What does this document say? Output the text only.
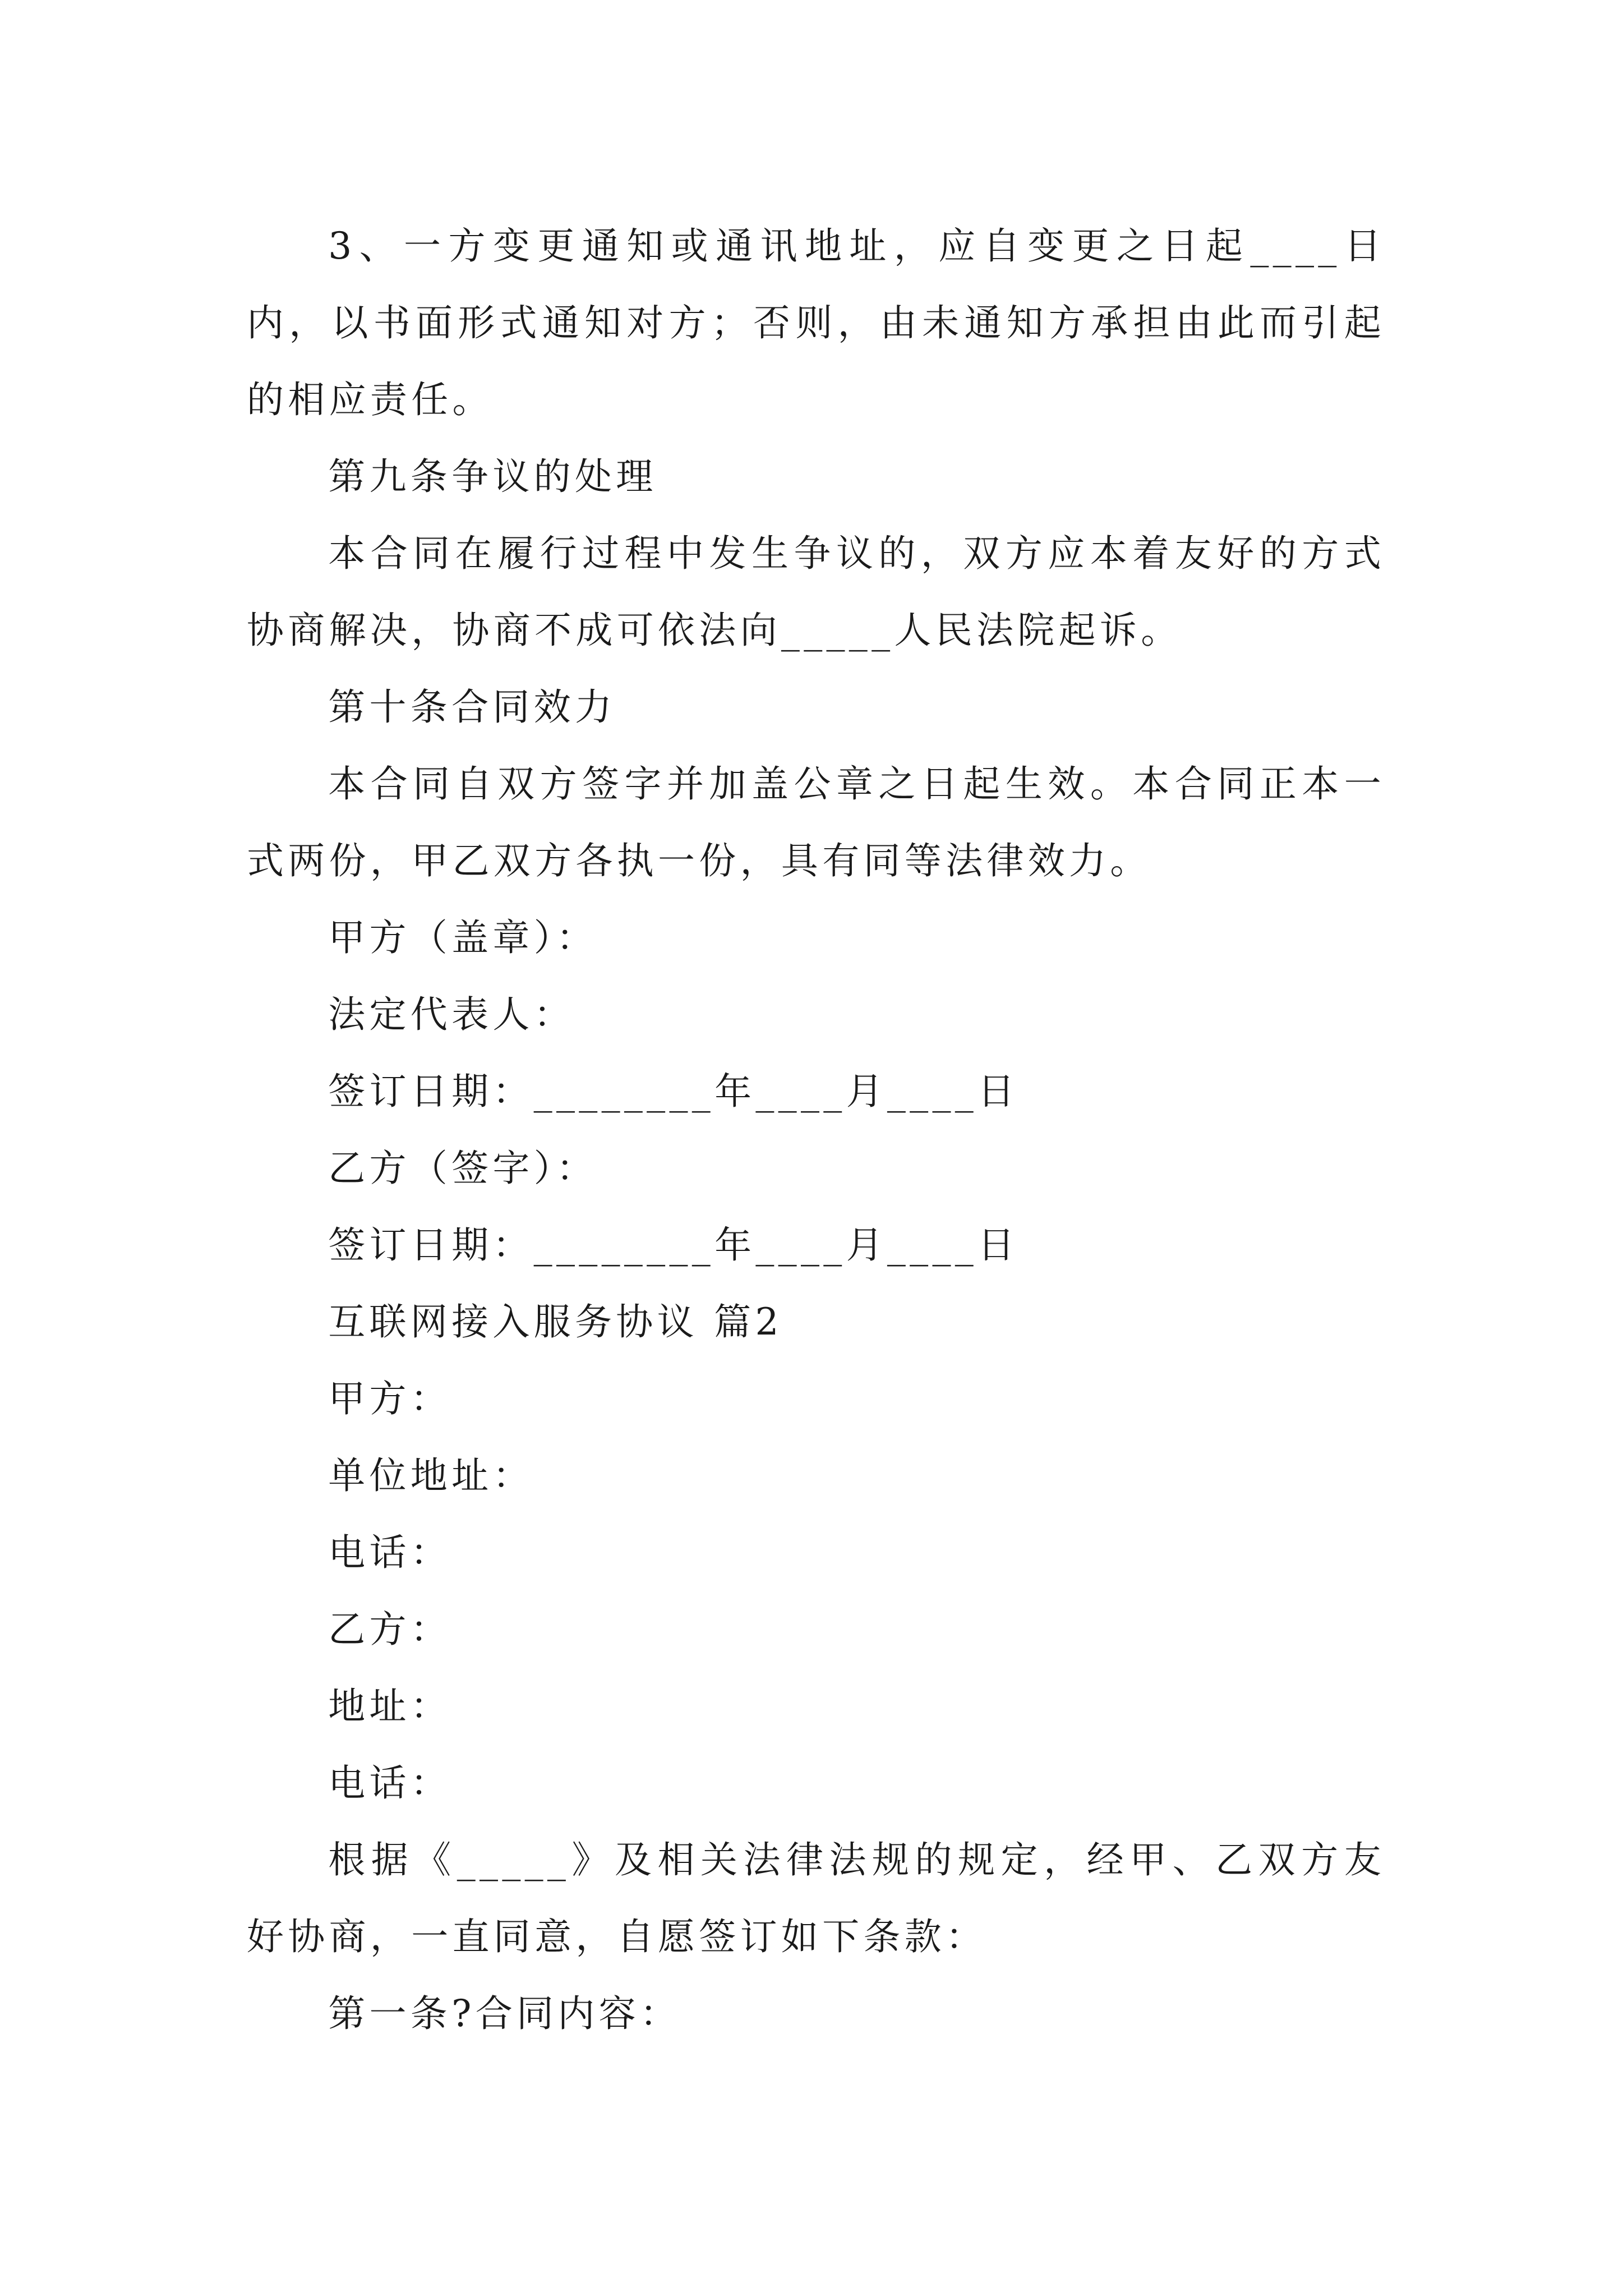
3、一方变更通知或通讯地址，应自变更之日起____日内，以书面形式通知对方；否则，由未通知方承担由此而引起的相应责任。

第九条争议的处理

本合同在履行过程中发生争议的，双方应本着友好的方式协商解决，协商不成可依法向_____人民法院起诉。

第十条合同效力

本合同自双方签字并加盖公章之日起生效。本合同正本一式两份，甲乙双方各执一份，具有同等法律效力。

甲方（盖章）：

法定代表人：

签订日期：________年____月____日

乙方（签字）：

签订日期：________年____月____日

互联网接入服务协议 篇2

甲方：

单位地址：

电话：

乙方：

地址：

电话：

根据《_____》及相关法律法规的规定，经甲、乙双方友好协商，一直同意，自愿签订如下条款：

第一条?合同内容：
